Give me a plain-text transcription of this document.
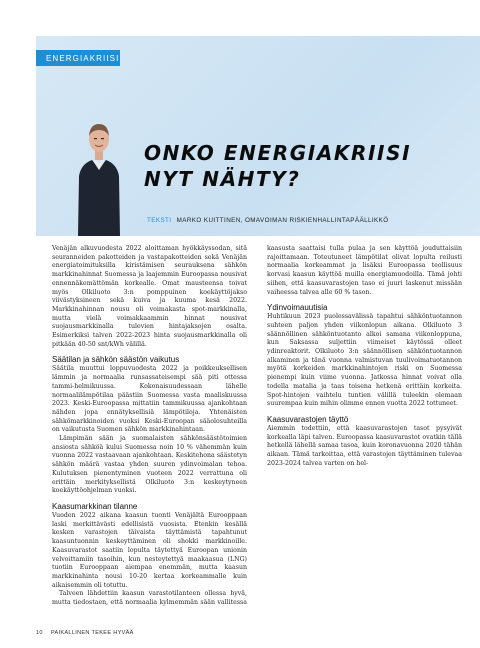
ENERGIAKRIISI
ONKO ENERGIAKRIISI
NYT NÄHTY?
TEKSTI MARKO KUITTINEN, OMAVOIMAN RISKIENHALLINTAPÄÄLLIKKÖ

Venäjän alkuvuodesta 2022 aloittaman hyökkäyssodan, sitä seuranneiden pakotteiden ja vastapakotteiden sekä Venäjän energiatoimituksilla kiristämisen seurauksena sähkön markkinahinnat Suomessa ja laajemmin Euroopassa nousivat ennennäkemättömän korkealle. Omat mausteensa toivat myös Olkiluoto 3:n pomppuinen koekäyttöjakso viivästyksineen sekä kuiva ja kuuma kesä 2022. Markkinahinnan nousu oli voimakasta spot-markkinalla, mutta vielä voimakkaammin hinnat nousivat suojausmarkkinalla tulevien hintajaksojen osalta. Esimerkiksi talven 2022-2023 hinta suojausmarkkinalla oli pitkään 40-50 snt/kWh välillä.

Säätilan ja sähkön säästön vaikutus

Säätila muuttui loppuvuodesta 2022 ja poikkeuksellisen lämmin ja normaalia runsassateisempi sää piti ottessa tammi-helmikuussa. Kokonaisuudessaan lähelle normaalilämpötilaa päästiin Suomessa vasta maaliskuussa 2023. Keski-Euroopassa mittatiin tammikuussa ajankohtaan nähden jopa ennätyksellisiä lämpötiloja. Yhtenäisten sähkömarkkinoiden vuoksi Keski-Euroopan sääolosuhteilla on vaikutusta Suomen sähkön markkinahintaan.

Lämpimän sään ja suomalaisten sähkönsäästötoimien ansiosta sähköä kului Suomessa noin 10 % vähemmän kuin vuonna 2022 vastaavaan ajankohtaan. Keskitehona säästetyn sähkön määrä vastaa yhden suuren ydinvoimalan tehoa. Kulutuksen pienentyminen vuoteen 2022 verrattuna oli erittäin merkityksellistä Olkiluoto 3:n keskeytyneen koekäyttöohjelman vuoksi.

Kaasumarkkinan tilanne

Vuoden 2022 aikana kaasun tuonti Venäjältä Eurooppaan laski merkittävästi edellisistä vuosista. Etenkin kesällä kesken varastojen täivaista täyttämistä tapahtunut kaasuntuonnin keskeyttäminen oli shokki markkinoille. Kaasuvarastot saatiin lopulta täytettyä Euroopan unionin velvoittamiin tasoihin, kun nesteytettyä maakaasua (LNG) tuotiin Eurooppaan aiempaa enemmän, mutta kaasun markkinahinta nousi 10-20 kertaa korkeammalle kuin aikaisemmin oli totuttu.

Talveen lähdettiin kaasun varastotilanteen ollessa hyvä, mutta tiedostaen, että normaalia kylmemmän sään vallitessa kaasusta saattaisi tulla pulaa ja sen käyttöä jouduttaisiin rajoittamaan. Toteutuneet lämpötilat olivat lopulta reilusti normaalia korkeammat ja lisäksi Euroopassa teollisuus korvasi kaasun käyttöä muilla energiamuodoilla. Tämä johti siihen, että kaasuvarastojen taso ei juuri laskenut missään vaiheessa talvea alle 60 % tason.

Ydinvoimauutisia

Huhtikuun 2023 puolessavälissä tapahtui sähköntuotannon suhteen paljon yhden viikonlopun aikana. Olkiluoto 3 säännöllinen sähköntuotanto alkoi samana viikonloppuna, kun Saksassa suljettiin viimeiset käytössä olleet ydinreaktorit. Olkiluoto 3:n säännöllisen sähköntuotannon alkaminen ja tänä vuonna valmistuvan tuulivoimatuotannon myötä korkeiden markkinahintojen riski on Suomessa pienempi kuin viime vuonna. Jatkossa hinnat voivat olla todella matalia ja taas toisena hetkenä erittäin korkeita. Spot-hintojen vaihtelu tuntien välillä tuleekin olemaan suurempaa kuin mihin olimme ennen vuotta 2022 tottuneet.

Kaasuvarastojen täyttö

Aiemmin todettiin, että kaasuvarastojen tasot pysyivät korkealla läpi talven. Euroopassa kaasuvarastot ovatkin tällä hetkellä lähellä samaa tasoa, kuin koronavuonna 2020 tähän aikaan. Tämä tarkoittaa, että varastojen täyttäminen tulevaa 2023-2024 talvea varten on hel-

10 PAIKALLINEN TEKEE HYVÄÄ
